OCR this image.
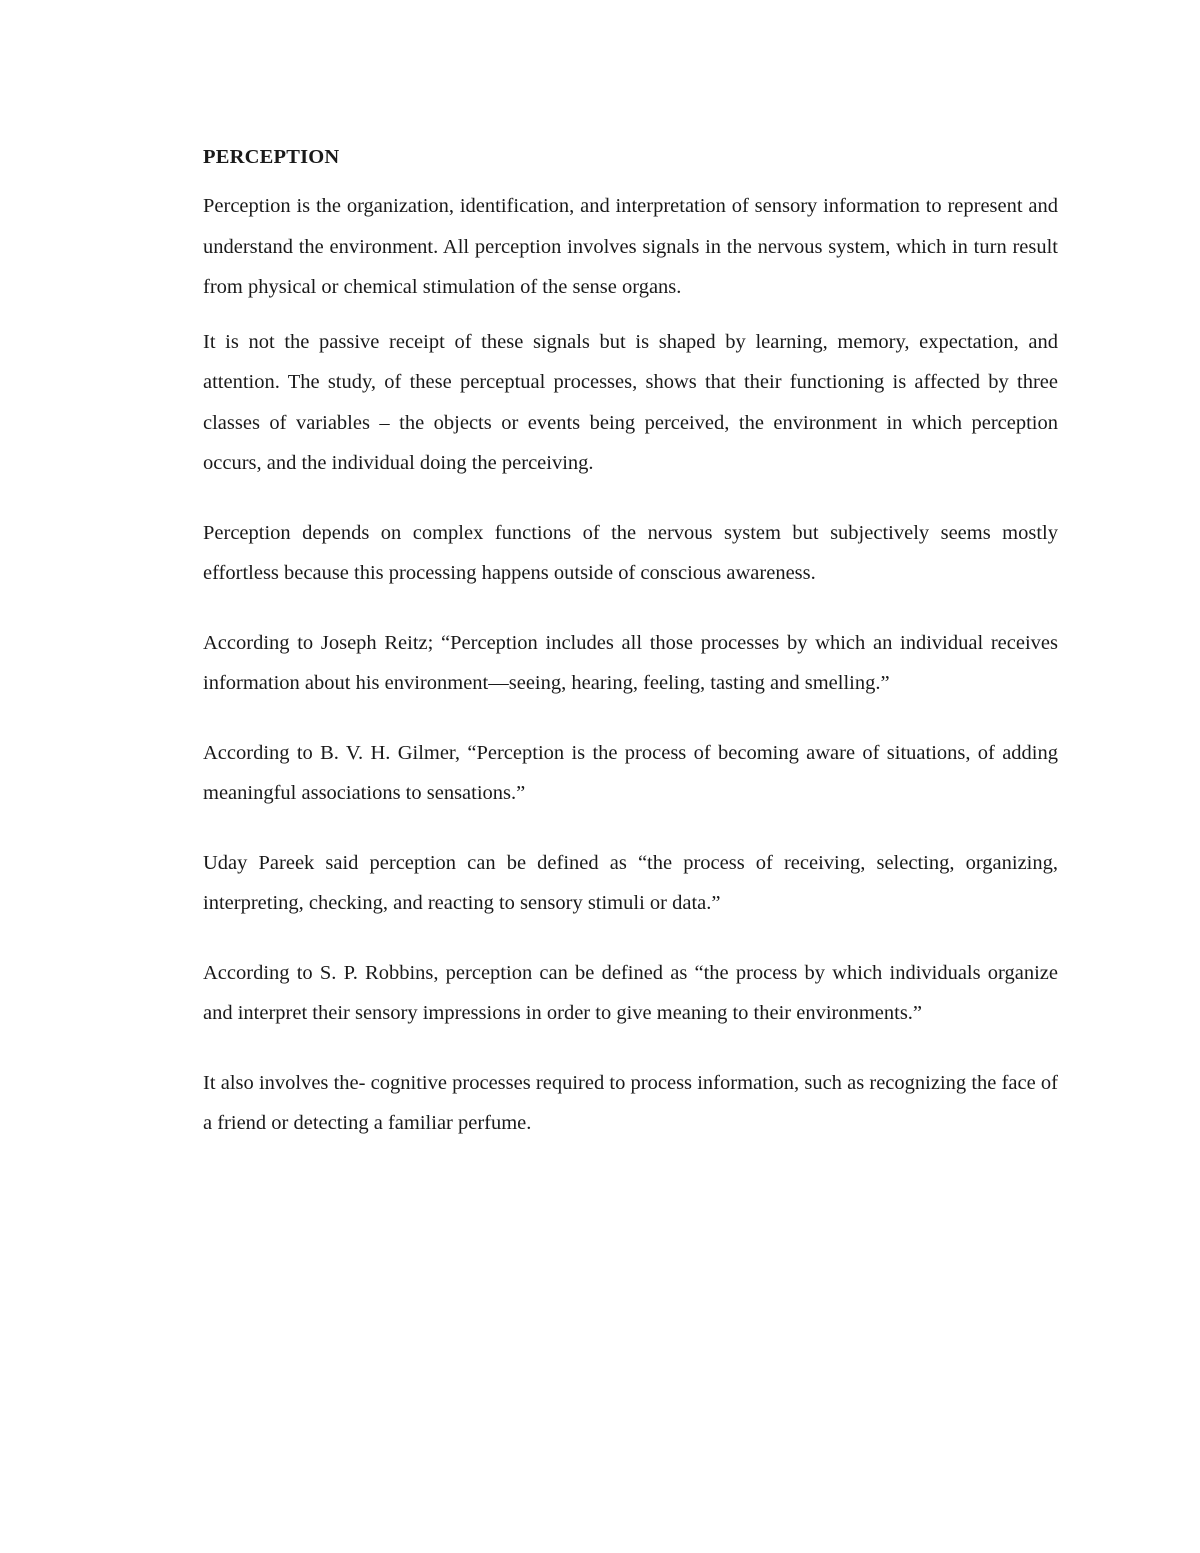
PERCEPTION

Perception is the organization, identification, and interpretation of sensory information to represent and understand the environment. All perception involves signals in the nervous system, which in turn result from physical or chemical stimulation of the sense organs.

It is not the passive receipt of these signals but is shaped by learning, memory, expectation, and attention. The study, of these perceptual processes, shows that their functioning is affected by three classes of variables – the objects or events being perceived, the environment in which perception occurs, and the individual doing the perceiving.

Perception depends on complex functions of the nervous system but subjectively seems mostly effortless because this processing happens outside of conscious awareness.

According to Joseph Reitz; “Perception includes all those processes by which an individual receives information about his environment—seeing, hearing, feeling, tasting and smelling.”

According to B. V. H. Gilmer, “Perception is the process of becoming aware of situations, of adding meaningful associations to sensations.”

Uday Pareek said perception can be defined as “the process of receiving, selecting, organizing, interpreting, checking, and reacting to sensory stimuli or data.”

According to S. P. Robbins, perception can be defined as “the process by which individuals organize and interpret their sensory impressions in order to give meaning to their environments.”

It also involves the- cognitive processes required to process information, such as recognizing the face of a friend or detecting a familiar perfume.
